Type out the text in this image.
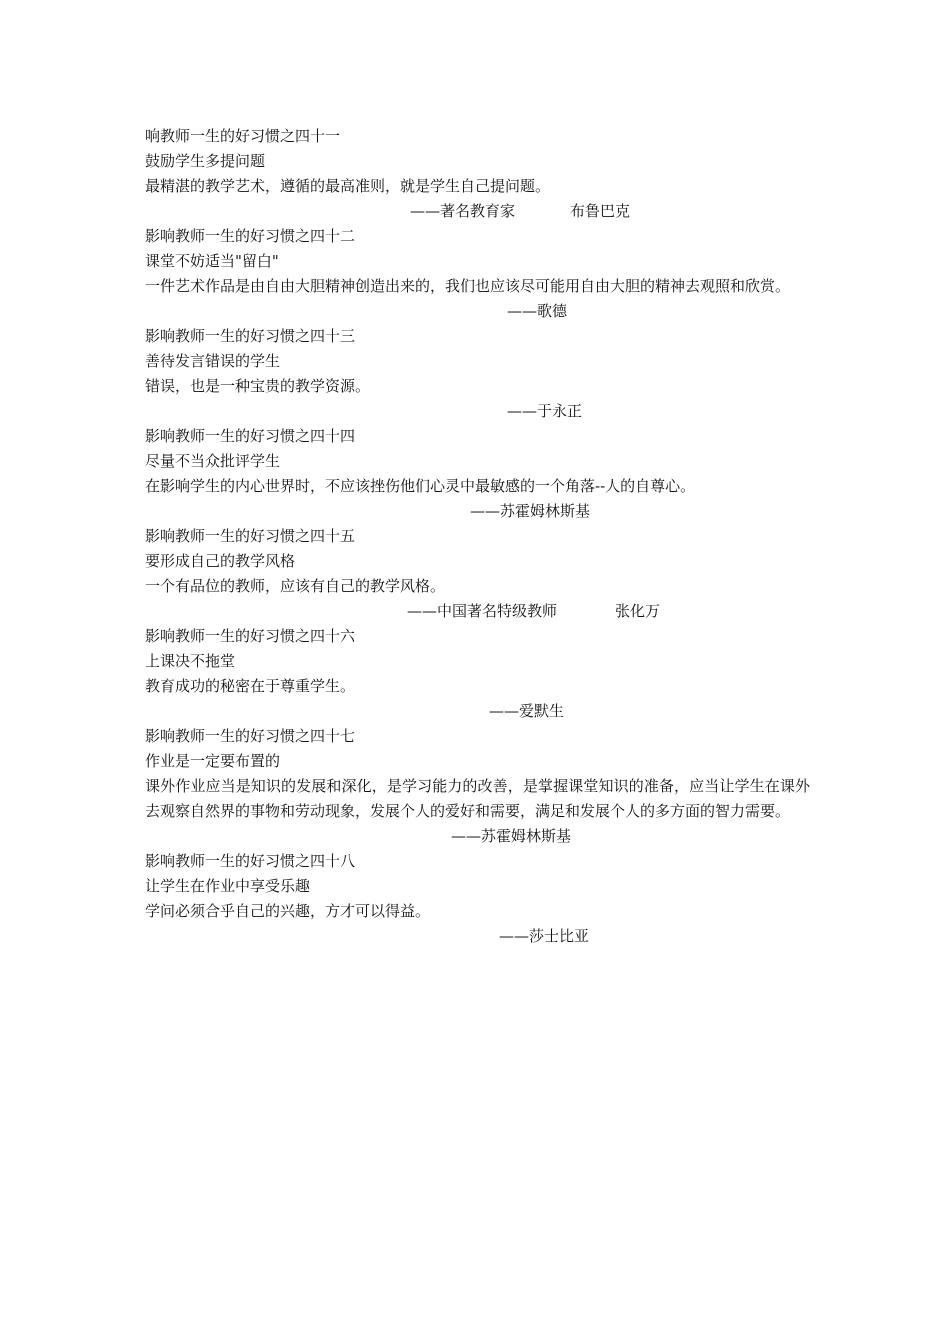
响教师一生的好习惯之四十一
鼓励学生多提问题
最精湛的教学艺术，遵循的最高准则，就是学生自己提问题。
——著名教育家	布鲁巴克
影响教师一生的好习惯之四十二
课堂不妨适当"留白"
一件艺术作品是由自由大胆精神创造出来的，我们也应该尽可能用自由大胆的精神去观照和欣赏。
——歌德
影响教师一生的好习惯之四十三
善待发言错误的学生
错误，也是一种宝贵的教学资源。
——于永正
影响教师一生的好习惯之四十四
尽量不当众批评学生
在影响学生的内心世界时，不应该挫伤他们心灵中最敏感的一个角落--人的自尊心。
——苏霍姆林斯基
影响教师一生的好习惯之四十五
要形成自己的教学风格
一个有品位的教师，应该有自己的教学风格。
——中国著名特级教师	张化万
影响教师一生的好习惯之四十六
上课决不拖堂
教育成功的秘密在于尊重学生。
——爱默生
影响教师一生的好习惯之四十七
作业是一定要布置的
课外作业应当是知识的发展和深化，是学习能力的改善，是掌握课堂知识的准备，应当让学生在课外去观察自然界的事物和劳动现象，发展个人的爱好和需要，满足和发展个人的多方面的智力需要。
——苏霍姆林斯基
影响教师一生的好习惯之四十八
让学生在作业中享受乐趣
学问必须合乎自己的兴趣，方才可以得益。
——莎士比亚
